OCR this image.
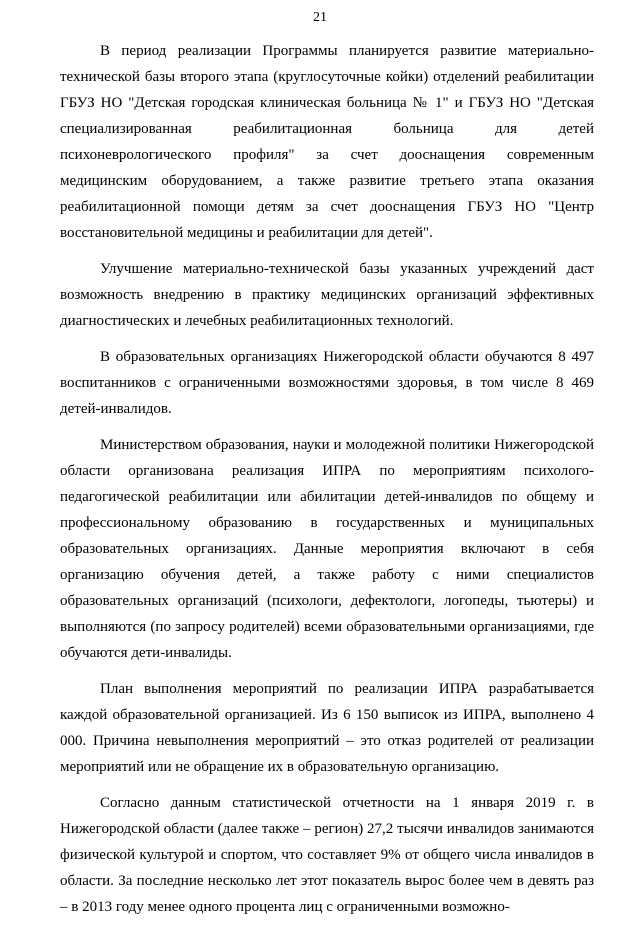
21

В период реализации Программы планируется развитие материально-технической базы второго этапа (круглосуточные койки) отделений реабилитации ГБУЗ НО "Детская городская клиническая больница № 1" и ГБУЗ НО "Детская специализированная реабилитационная больница для детей психоневрологического профиля" за счет дооснащения современным медицинским оборудованием, а также развитие третьего этапа оказания реабилитационной помощи детям за счет дооснащения ГБУЗ НО "Центр восстановительной медицины и реабилитации для детей".

Улучшение материально-технической базы указанных учреждений даст возможность внедрению в практику медицинских организаций эффективных диагностических и лечебных реабилитационных технологий.

В образовательных организациях Нижегородской области обучаются 8 497 воспитанников с ограниченными возможностями здоровья, в том числе 8 469 детей-инвалидов.

Министерством образования, науки и молодежной политики Нижегородской области организована реализация ИПРА по мероприятиям психолого-педагогической реабилитации или абилитации детей-инвалидов по общему и профессиональному образованию в государственных и муниципальных образовательных организациях. Данные мероприятия включают в себя организацию обучения детей, а также работу с ними специалистов образовательных организаций (психологи, дефектологи, логопеды, тьютеры) и выполняются (по запросу родителей) всеми образовательными организациями, где обучаются дети-инвалиды.

План выполнения мероприятий по реализации ИПРА разрабатывается каждой образовательной организацией. Из 6 150 выписок из ИПРА, выполнено 4 000. Причина невыполнения мероприятий – это отказ родителей от реализации мероприятий или не обращение их в образовательную организацию.

Согласно данным статистической отчетности на 1 января 2019 г. в Нижегородской области (далее также – регион) 27,2 тысячи инвалидов занимаются физической культурой и спортом, что составляет 9% от общего числа инвалидов в области. За последние несколько лет этот показатель вырос более чем в девять раз – в 2013 году менее одного процента лиц с ограниченными возможно-
